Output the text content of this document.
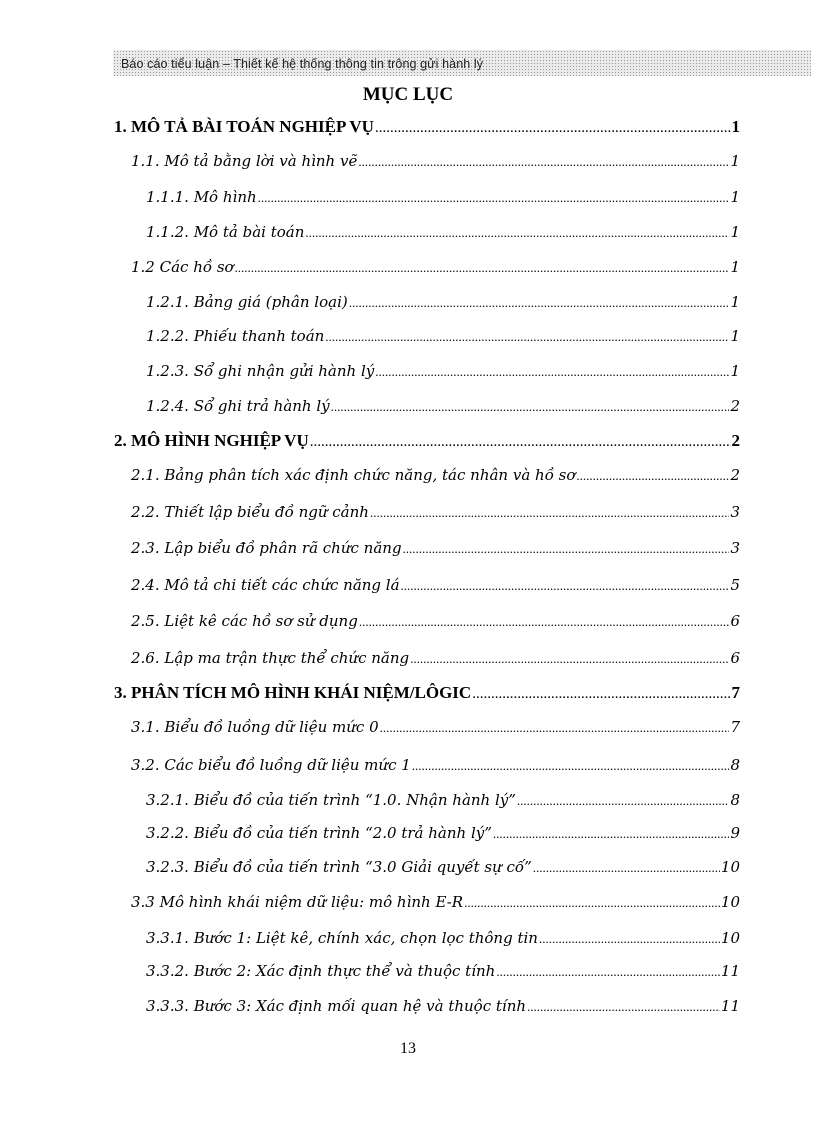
Báo cáo tiểu luận – Thiết kế hệ thống thông tin trông gửi hành lý
MỤC LỤC
1. MÔ TẢ BÀI TOÁN NGHIỆP VỤ .....	1
1.1. Mô tả bằng lời và hình vẽ .....	1
1.1.1. Mô hình .....	1
1.1.2. Mô tả bài toán .....	1
1.2 Các hồ sơ .....	1
1.2.1. Bảng giá (phân loại) .....	1
1.2.2. Phiếu thanh toán .....	1
1.2.3. Sổ ghi nhận gửi hành lý .....	1
1.2.4. Sổ ghi trả hành lý .....	2
2. MÔ HÌNH NGHIỆP VỤ .....	2
2.1. Bảng phân tích xác định chức năng, tác nhân và hồ sơ .....	2
2.2. Thiết lập biểu đồ ngữ cảnh .....	3
2.3. Lập biểu đồ phân rã chức năng .....	3
2.4. Mô tả chi tiết các chức năng lá .....	5
2.5. Liệt kê các hồ sơ sử dụng .....	6
2.6. Lập ma trận thực thể chức năng .....	6
3. PHÂN TÍCH MÔ HÌNH KHÁI NIỆM/LÔGIC .....	7
3.1. Biểu đồ luồng dữ liệu mức 0 .....	7
3.2. Các biểu đồ luồng dữ liệu mức 1 .....	8
3.2.1. Biểu đồ của tiến trình “1.0. Nhận hành lý” .....	8
3.2.2. Biểu đồ của tiến trình “2.0 trả hành lý” .....	9
3.2.3. Biểu đồ của tiến trình “3.0 Giải quyết sự cố” .....	10
3.3 Mô hình khái niệm dữ liệu: mô hình E-R .....	10
3.3.1. Bước 1: Liệt kê, chính xác, chọn lọc thông tin .....	10
3.3.2. Bước 2: Xác định thực thể và thuộc tính .....	11
3.3.3. Bước 3: Xác định mối quan hệ và thuộc tính .....	11
13
